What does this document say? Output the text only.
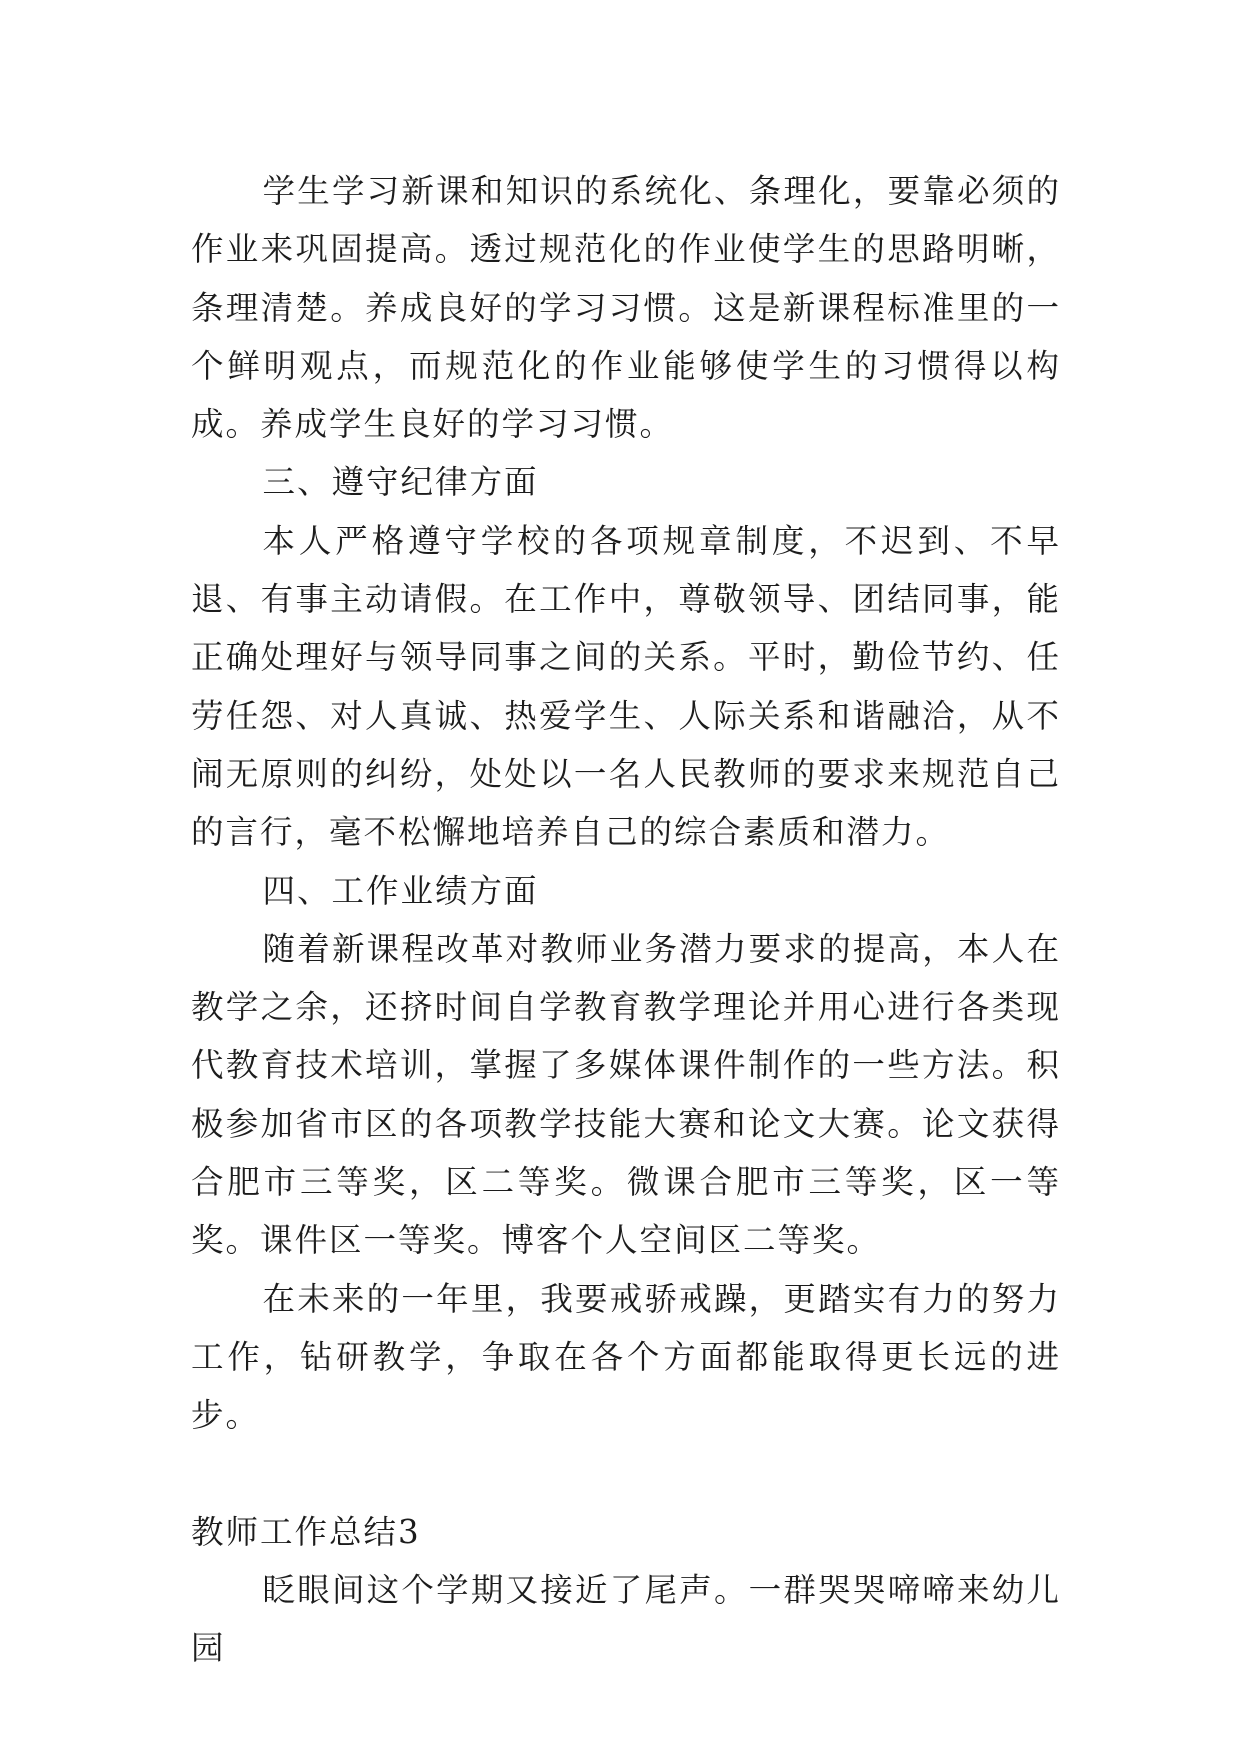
学生学习新课和知识的系统化、条理化，要靠必须的作业来巩固提高。透过规范化的作业使学生的思路明晰，条理清楚。养成良好的学习习惯。这是新课程标准里的一个鲜明观点，而规范化的作业能够使学生的习惯得以构成。养成学生良好的学习习惯。

三、遵守纪律方面

本人严格遵守学校的各项规章制度，不迟到、不早退、有事主动请假。在工作中，尊敬领导、团结同事，能正确处理好与领导同事之间的关系。平时，勤俭节约、任劳任怨、对人真诚、热爱学生、人际关系和谐融洽，从不闹无原则的纠纷，处处以一名人民教师的要求来规范自己的言行，毫不松懈地培养自己的综合素质和潜力。

四、工作业绩方面

随着新课程改革对教师业务潜力要求的提高，本人在教学之余，还挤时间自学教育教学理论并用心进行各类现代教育技术培训，掌握了多媒体课件制作的一些方法。积极参加省市区的各项教学技能大赛和论文大赛。论文获得合肥市三等奖，区二等奖。微课合肥市三等奖，区一等奖。课件区一等奖。博客个人空间区二等奖。

在未来的一年里，我要戒骄戒躁，更踏实有力的努力工作，钻研教学，争取在各个方面都能取得更长远的进步。

教师工作总结3

眨眼间这个学期又接近了尾声。一群哭哭啼啼来幼儿园
